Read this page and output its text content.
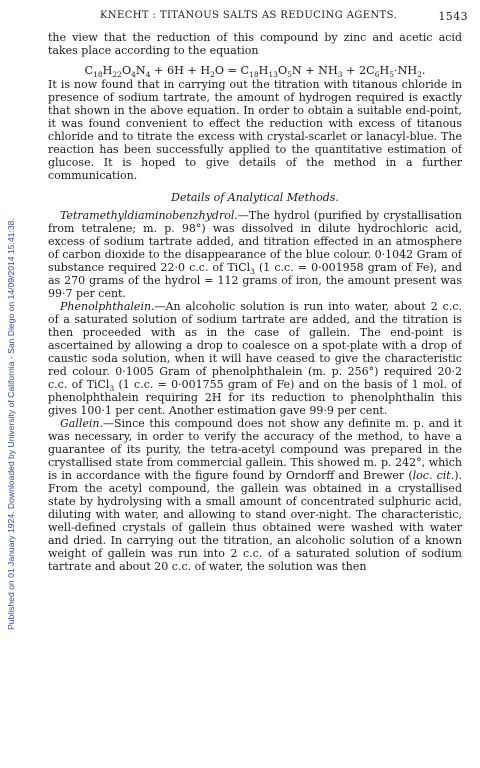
Published on 01 January 1924. Downloaded by University of California - San Diego on 14/09/2014 15:41:38.
KNECHT : TITANOUS SALTS AS REDUCING AGENTS.	1543

the view that the reduction of this compound by zinc and acetic acid takes place according to the equation

$C_{18}H_{22}O_4N_4 + 6H + H_2O = C_{18}H_{13}O_5N + NH_3 + 2C_6H_5\cdot NH_2$.

It is now found that in carrying out the titration with titanous chloride in presence of sodium tartrate, the amount of hydrogen required is exactly that shown in the above equation. In order to obtain a suitable end-point, it was found convenient to effect the reduction with excess of titanous chloride and to titrate the excess with crystal-scarlet or lanacyl-blue. The reaction has been successfully applied to the quantitative estimation of glucose. It is hoped to give details of the method in a further communication.

Details of Analytical Methods.

Tetramethyldiaminobenzhydrol.—The hydrol (purified by crystallisation from tetralene; m. p. 98°) was dissolved in dilute hydrochloric acid, excess of sodium tartrate added, and titration effected in an atmosphere of carbon dioxide to the disappearance of the blue colour. 0·1042 Gram of substance required 22·0 c.c. of TiCl$_3$ (1 c.c. = 0·001958 gram of Fe), and as 270 grams of the hydrol = 112 grams of iron, the amount present was 99·7 per cent.

Phenolphthalein.—An alcoholic solution is run into water, about 2 c.c. of a saturated solution of sodium tartrate are added, and the titration is then proceeded with as in the case of gallein. The end-point is ascertained by allowing a drop to coalesce on a spot-plate with a drop of caustic soda solution, when it will have ceased to give the characteristic red colour. 0·1005 Gram of phenolphthalein (m. p. 256°) required 20·2 c.c. of TiCl$_3$ (1 c.c. = 0·001755 gram of Fe) and on the basis of 1 mol. of phenolphthalein requiring 2H for its reduction to phenolphthalin this gives 100·1 per cent. Another estimation gave 99·9 per cent.

Gallein.—Since this compound does not show any definite m. p. and it was necessary, in order to verify the accuracy of the method, to have a guarantee of its purity, the tetra-acetyl compound was prepared in the crystallised state from commercial gallein. This showed m. p. 242°, which is in accordance with the figure found by Orndorff and Brewer (loc. cit.). From the acetyl compound, the gallein was obtained in a crystallised state by hydrolysing with a small amount of concentrated sulphuric acid, diluting with water, and allowing to stand over-night. The characteristic, well-defined crystals of gallein thus obtained were washed with water and dried. In carrying out the titration, an alcoholic solution of a known weight of gallein was run into 2 c.c. of a saturated solution of sodium tartrate and about 20 c.c. of water, the solution was then
